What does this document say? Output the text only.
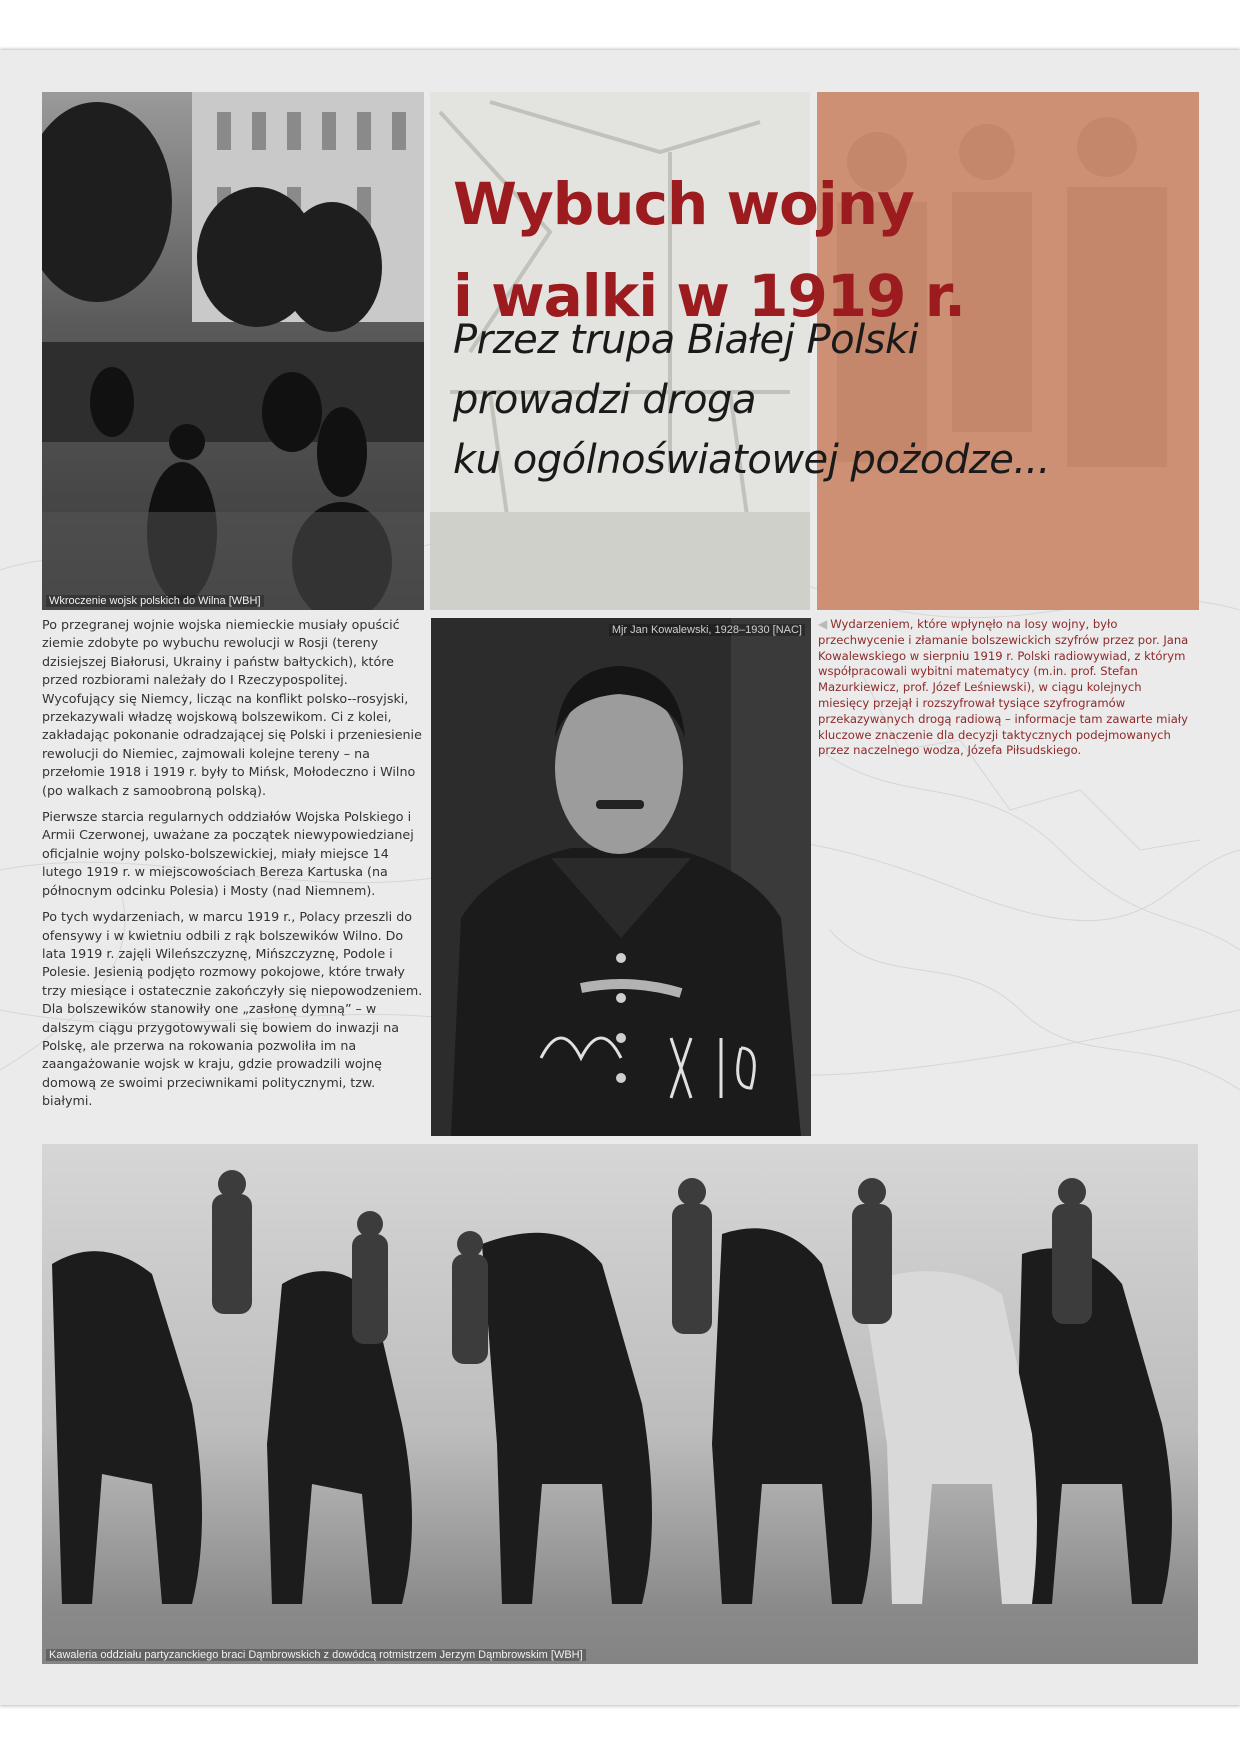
Wkroczenie wojsk polskich do Wilna [WBH]
Wybuch wojny
i walki w 1919 r.
Przez trupa Białej Polski
prowadzi droga
ku ogólnoświatowej pożodze...

Po przegranej wojnie wojska niemieckie musiały opuścić ziemie zdobyte po wybuchu rewolucji w Rosji (tereny dzisiejszej Białorusi, Ukrainy i państw bałtyckich), które przed rozbiorami należały do I Rzeczypospolitej. Wycofujący się Niemcy, licząc na konflikt polsko--rosyjski, przekazywali władzę wojskową bolszewikom. Ci z kolei, zakładając pokonanie odradzającej się Polski i przeniesienie rewolucji do Niemiec, zajmowali kolejne tereny – na przełomie 1918 i 1919 r. były to Mińsk, Mołodeczno i Wilno (po walkach z samoobroną polską).

Pierwsze starcia regularnych oddziałów Wojska Polskiego i Armii Czerwonej, uważane za początek niewypowiedzianej oficjalnie wojny polsko-bolszewickiej, miały miejsce 14 lutego 1919 r. w miejscowościach Bereza Kartuska (na północnym odcinku Polesia) i Mosty (nad Niemnem).

Po tych wydarzeniach, w marcu 1919 r., Polacy przeszli do ofensywy i w kwietniu odbili z rąk bolszewików Wilno. Do lata 1919 r. zajęli Wileńszczyznę, Mińszczyznę, Podole i Polesie. Jesienią podjęto rozmowy pokojowe, które trwały trzy miesiące i ostatecznie zakończyły się niepowodzeniem. Dla bolszewików stanowiły one „zasłonę dymną” – w dalszym ciągu przygotowywali się bowiem do inwazji na Polskę, ale przerwa na rokowania pozwoliła im na zaangażowanie wojsk w kraju, gdzie prowadzili wojnę domową ze swoimi przeciwnikami politycznymi, tzw. białymi.

Mjr Jan Kowalewski, 1928–1930 [NAC] ◀ Wydarzeniem, które wpłynęło na losy wojny, było przechwycenie i złamanie bolszewickich szyfrów przez por. Jana Kowalewskiego w sierpniu 1919 r. Polski radiowywiad, z którym współpracowali wybitni matematycy (m.in. prof. Stefan Mazurkiewicz, prof. Józef Leśniewski), w ciągu kolejnych miesięcy przejął i rozszyfrował tysiące szyfrogramów przekazywanych drogą radiową – informacje tam zawarte miały kluczowe znaczenie dla decyzji taktycznych podejmowanych przez naczelnego wodza, Józefa Piłsudskiego.
Kawaleria oddziału partyzanckiego braci Dąmbrowskich z dowódcą rotmistrzem Jerzym Dąmbrowskim [WBH]
